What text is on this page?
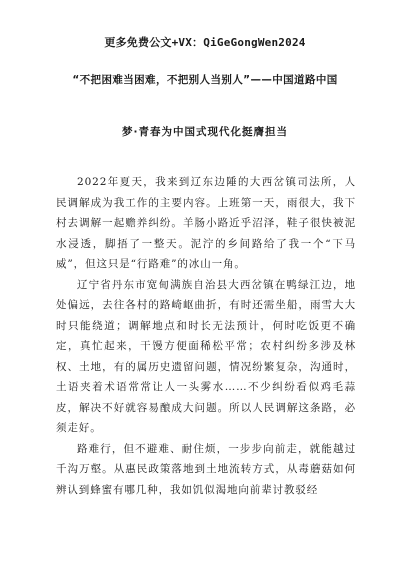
更多免费公文+VX：QiGeGongWen2024
“不把困难当困难，不把别人当别人”——中国道路中国
梦·青春为中国式现代化挺膺担当

2022年夏天，我来到辽东边陲的大西岔镇司法所，人民调解成为我工作的主要内容。上班第一天，雨很大，我下村去调解一起赡养纠纷。羊肠小路近乎沼泽，鞋子很快被泥水浸透，脚捂了一整天。泥泞的乡间路给了我一个“下马威”，但这只是“行路难”的冰山一角。

辽宁省丹东市宽甸满族自治县大西岔镇在鸭绿江边，地处偏远，去往各村的路崎岖曲折，有时还需坐船，雨雪大大时只能绕道；调解地点和时长无法预计，何时吃饭更不确定，真忙起来，干馒方便面稀松平常；农村纠纷多涉及林权、土地，有的属历史遗留问题，情况纷繁复杂，沟通时，土语夹着术语常常让人一头雾水……不少纠纷看似鸡毛蒜皮，解决不好就容易酿成大问题。所以人民调解这条路，必须走好。

路难行，但不避难、耐住烦，一步步向前走，就能越过千沟万壑。从惠民政策落地到土地流转方式，从毒蘑菇如何辨认到蜂蜜有哪几种，我如饥似渴地向前辈讨教驳经
